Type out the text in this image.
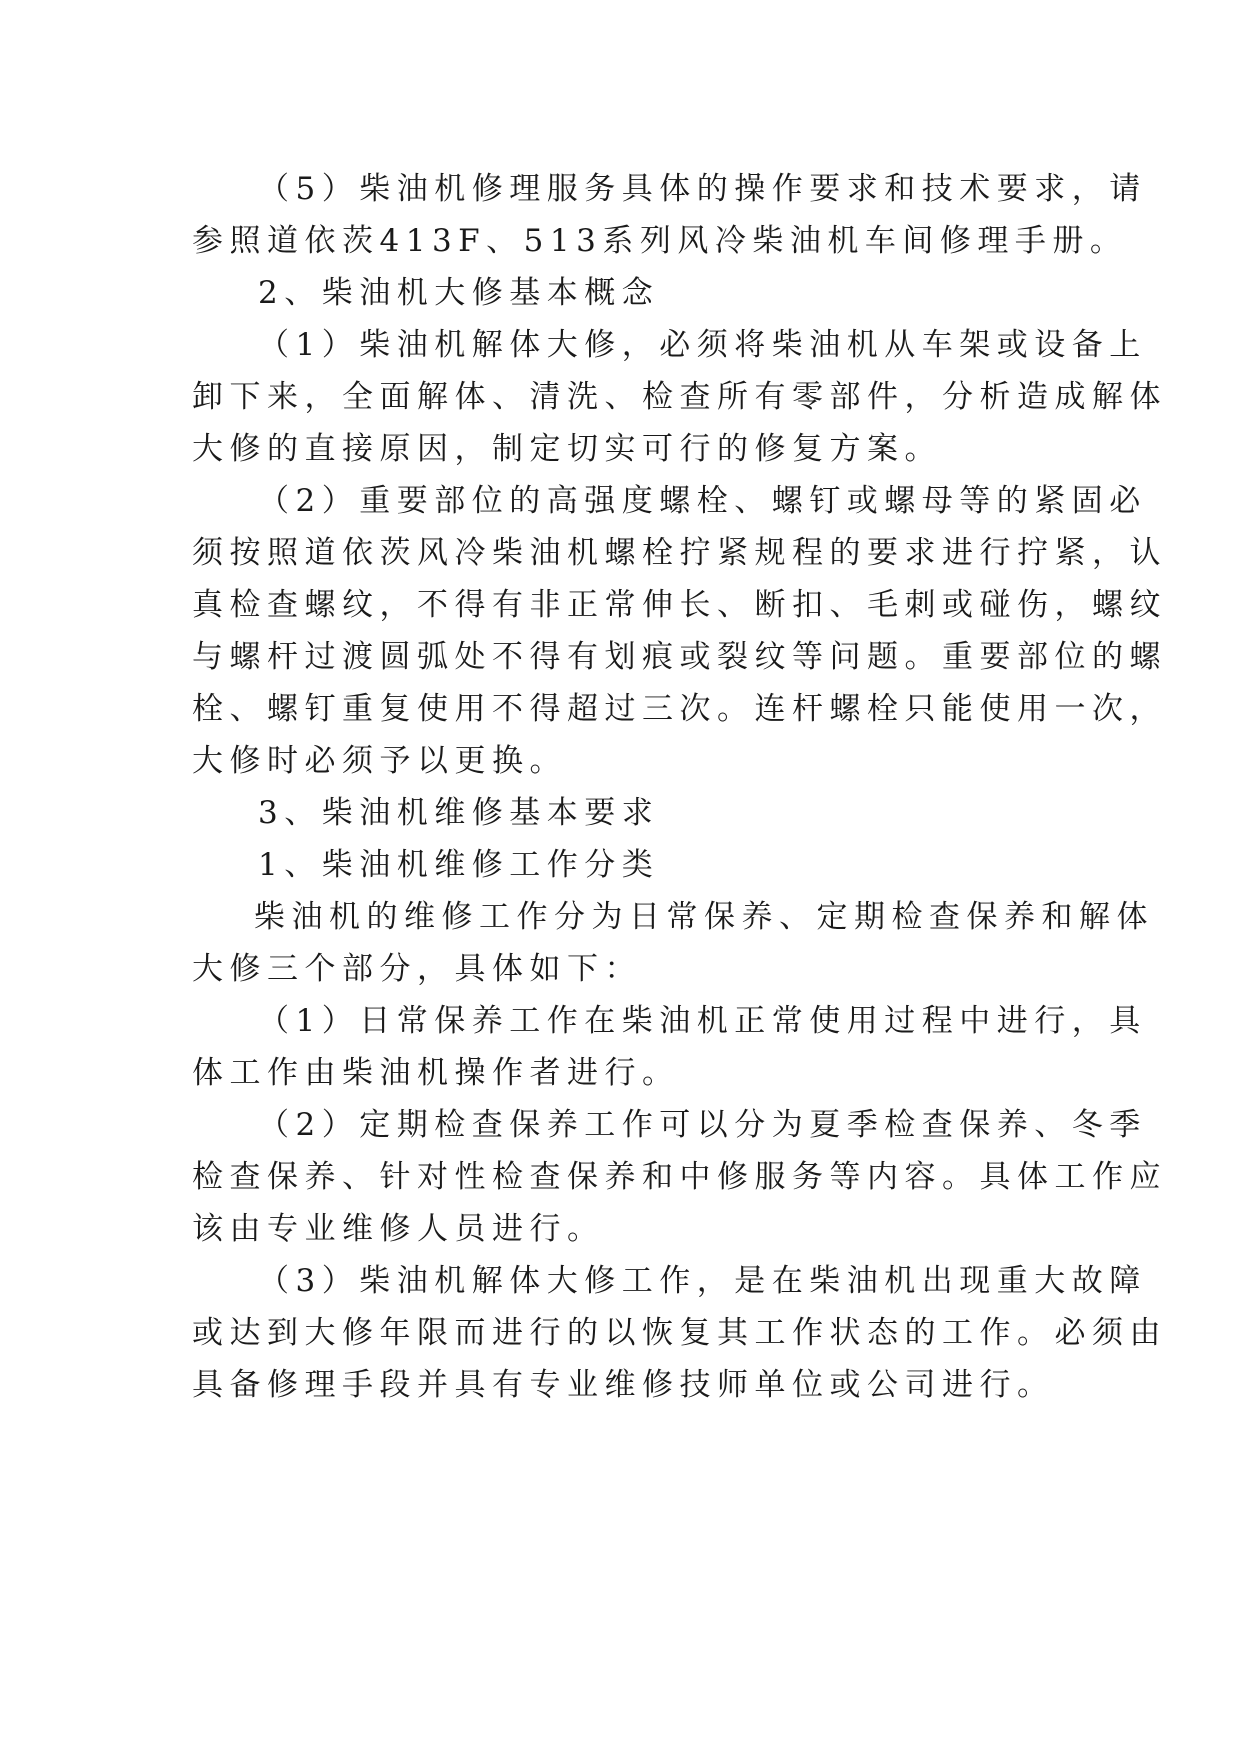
（5）柴油机修理服务具体的操作要求和技术要求，请
参照道依茨413F、513系列风冷柴油机车间修理手册。
2、柴油机大修基本概念
（1）柴油机解体大修，必须将柴油机从车架或设备上
卸下来，全面解体、清洗、检查所有零部件，分析造成解体
大修的直接原因，制定切实可行的修复方案。
（2）重要部位的高强度螺栓、螺钉或螺母等的紧固必
须按照道依茨风冷柴油机螺栓拧紧规程的要求进行拧紧，认
真检查螺纹，不得有非正常伸长、断扣、毛刺或碰伤，螺纹
与螺杆过渡圆弧处不得有划痕或裂纹等问题。重要部位的螺
栓、螺钉重复使用不得超过三次。连杆螺栓只能使用一次，
大修时必须予以更换。
3、柴油机维修基本要求
1、柴油机维修工作分类
柴油机的维修工作分为日常保养、定期检查保养和解体
大修三个部分，具体如下：
（1）日常保养工作在柴油机正常使用过程中进行，具
体工作由柴油机操作者进行。
（2）定期检查保养工作可以分为夏季检查保养、冬季
检查保养、针对性检查保养和中修服务等内容。具体工作应
该由专业维修人员进行。
（3）柴油机解体大修工作，是在柴油机出现重大故障
或达到大修年限而进行的以恢复其工作状态的工作。必须由
具备修理手段并具有专业维修技师单位或公司进行。
